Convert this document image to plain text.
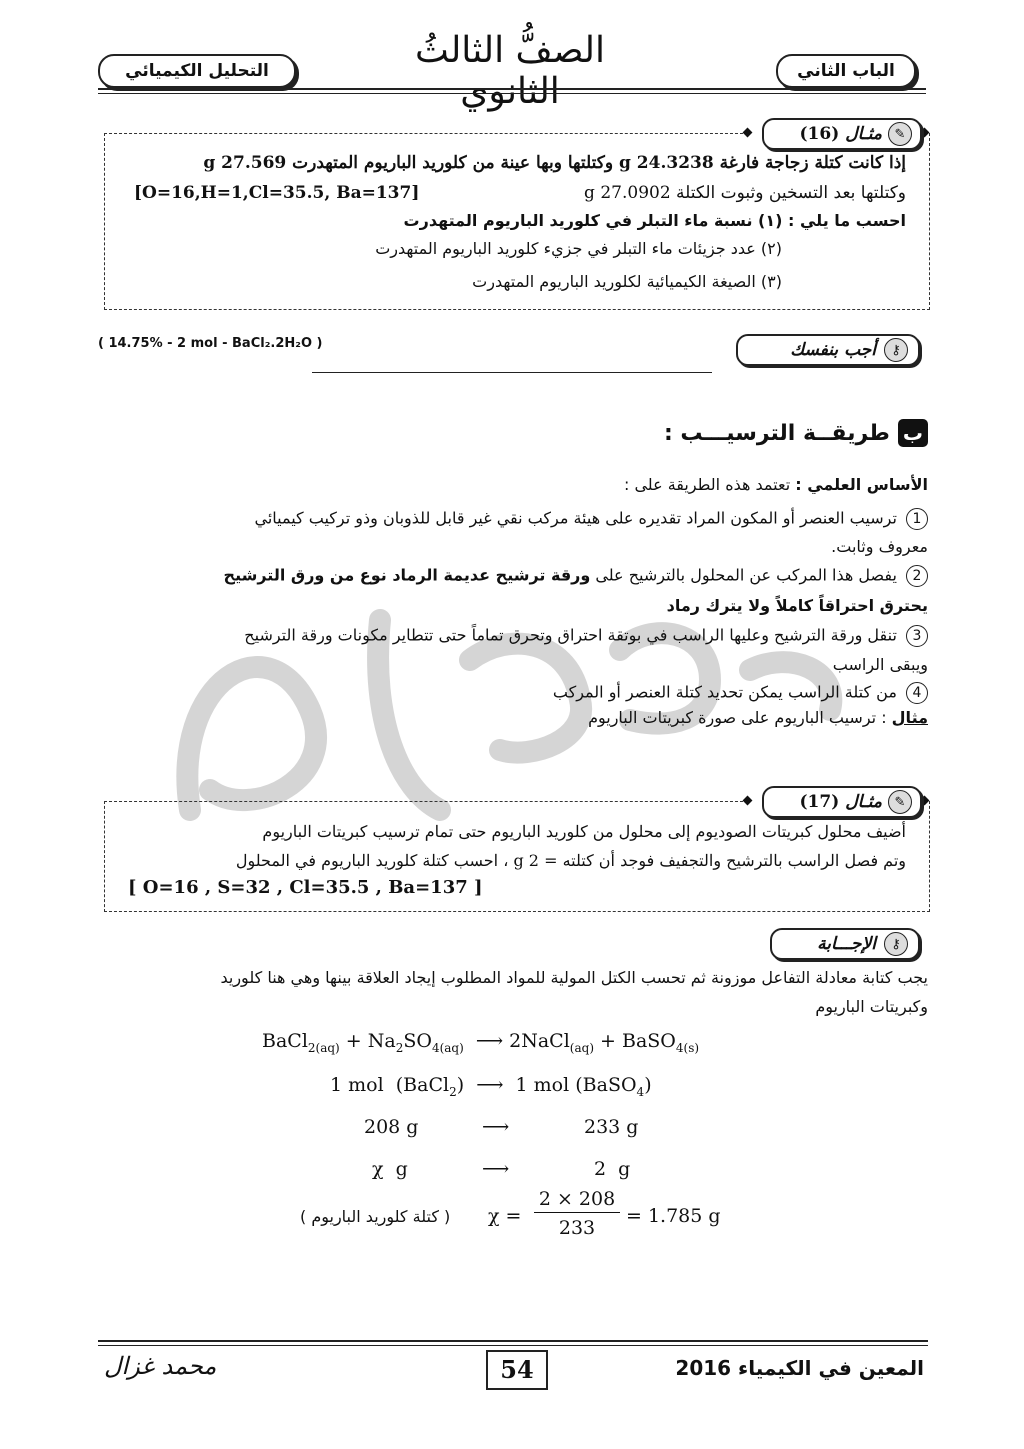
الباب الثاني
التحليل الكيميائي	الصفُّ الثالثُ الثانوي
✎
مثـال
(16)
إذا كانت كتلة زجاجة فارغة 24.3238 g وكتلتها وبها عينة من كلوريد الباريوم المتهدرت 27.569 g
وكتلتها بعد التسخين وثبوت الكتلة 27.0902 g
[O=16,H=1,Cl=35.5, Ba=137]
احسب ما يلي : (١) نسبة ماء التبلر في كلوريد الباريوم المتهدرت
(٢) عدد جزيئات ماء التبلر في جزيء كلوريد الباريوم المتهدرت
(٣) الصيغة الكيميائية لكلوريد الباريوم المتهدرت
( 14.75% - 2 mol - BaCl₂.2H₂O )	⚷
أجب بنفسك
ب
طريقــة الترسيـــب :
الأساس العلمي : تعتمد هذه الطريقة على :
1 ترسيب العنصر أو المكون المراد تقديره على هيئة مركب نقي غير قابل للذوبان وذو تركيب كيميائي
معروف وثابت.
2 يفصل هذا المركب عن المحلول بالترشيح على ورقة ترشيح عديمة الرماد نوع من ورق الترشيح
يحترق احتراقاً كاملاً ولا يترك رماد
3 تنقل ورقة الترشيح وعليها الراسب في بوتقة احتراق وتحرق تماماً حتى تتطاير مكونات ورقة الترشيح
ويبقى الراسب
4 من كتلة الراسب يمكن تحديد كتلة العنصر أو المركب
مثال : ترسيب الباريوم على صورة كبريتات الباريوم
✎
مثـال
(17)
أضيف محلول كبريتات الصوديوم إلى محلول من كلوريد الباريوم حتى تمام ترسيب كبريتات الباريوم
وتم فصل الراسب بالترشيح والتجفيف فوجد أن كتلته = 2 g ، احسب كتلة كلوريد الباريوم في المحلول
[ O=16 , S=32 , Cl=35.5 , Ba=137 ]
⚷
الإجـــابة
يجب كتابة معادلة التفاعل موزونة ثم تحسب الكتل المولية للمواد المطلوب إيجاد العلاقة بينها وهي هنا كلوريد
وكبريتات الباريوم
BaCl$_{2(aq)}$ + $Na_2SO_{4(aq)}$  ⟶ 2NaCl$_{(aq)}$ + BaSO$_{4(s)}$
1 mol  (BaCl$_2$)  ⟶  1 mol (BaSO$_4$)
208 g	⟶	233 g
χ  g	⟶	2  g
( كتلة كلوريد الباريوم ) $\chi = \frac{2 \times 208}{233} = 1.785$ g
54	المعين في الكيمياء 2016
محمد غزال
